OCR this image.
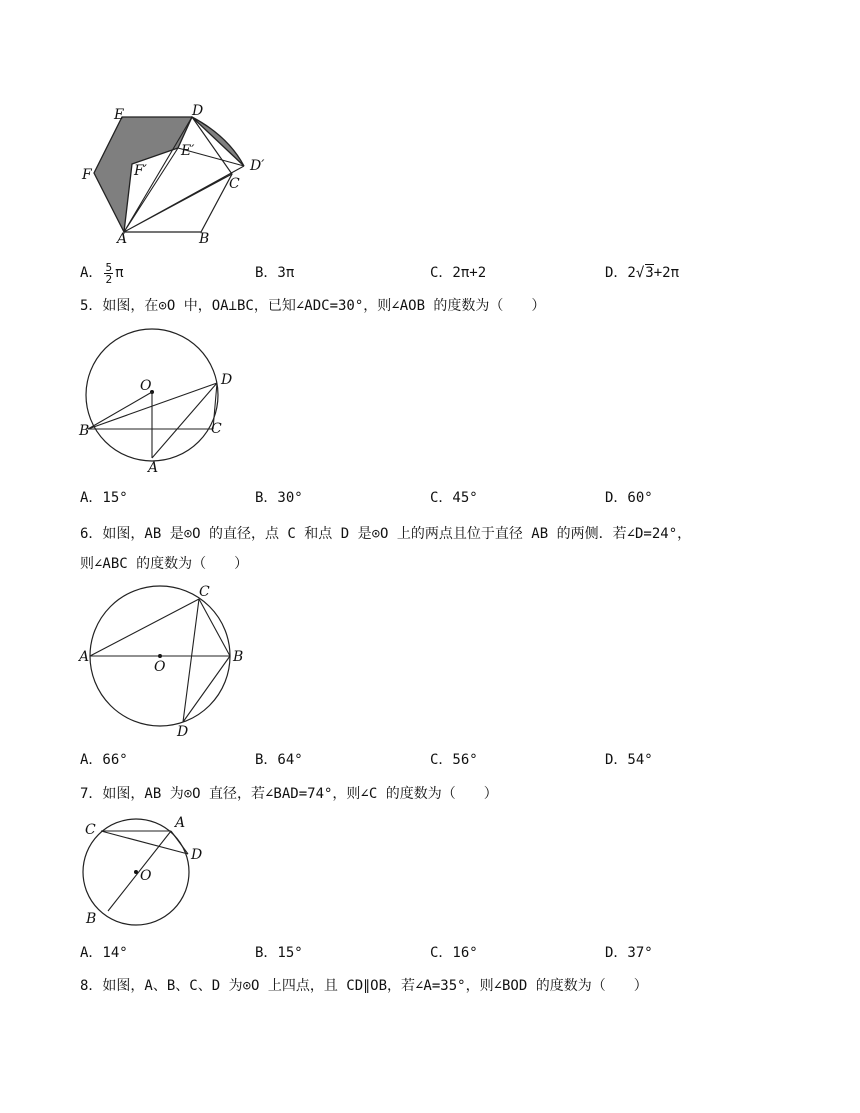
E	D
E′
F	F′
C
D′
A	B
A． $\frac{5}{2}$ π	B．3π	C．2π+2	D．2√3+2π
5．如图，在⊙O 中，OA⊥BC，已知∠ADC=30°，则∠AOB 的度数为（　　）
O	D
B	C
A
A．15°	B．30°	C．45°	D．60°
6．如图，AB 是⊙O 的直径，点 C 和点 D 是⊙O 上的两点且位于直径 AB 的两侧．若∠D=24°，
则∠ABC 的度数为（　　）
C
A
O
B
D
A．66°	B．64°	C．56°	D．54°
7．如图，AB 为⊙O 直径，若∠BAD=74°，则∠C 的度数为（　　）
C	A
D
O
B
A．14°	B．15°	C．16°	D．37°
8．如图，A、B、C、D 为⊙O 上四点，且 CD∥OB，若∠A=35°，则∠BOD 的度数为（　　）
